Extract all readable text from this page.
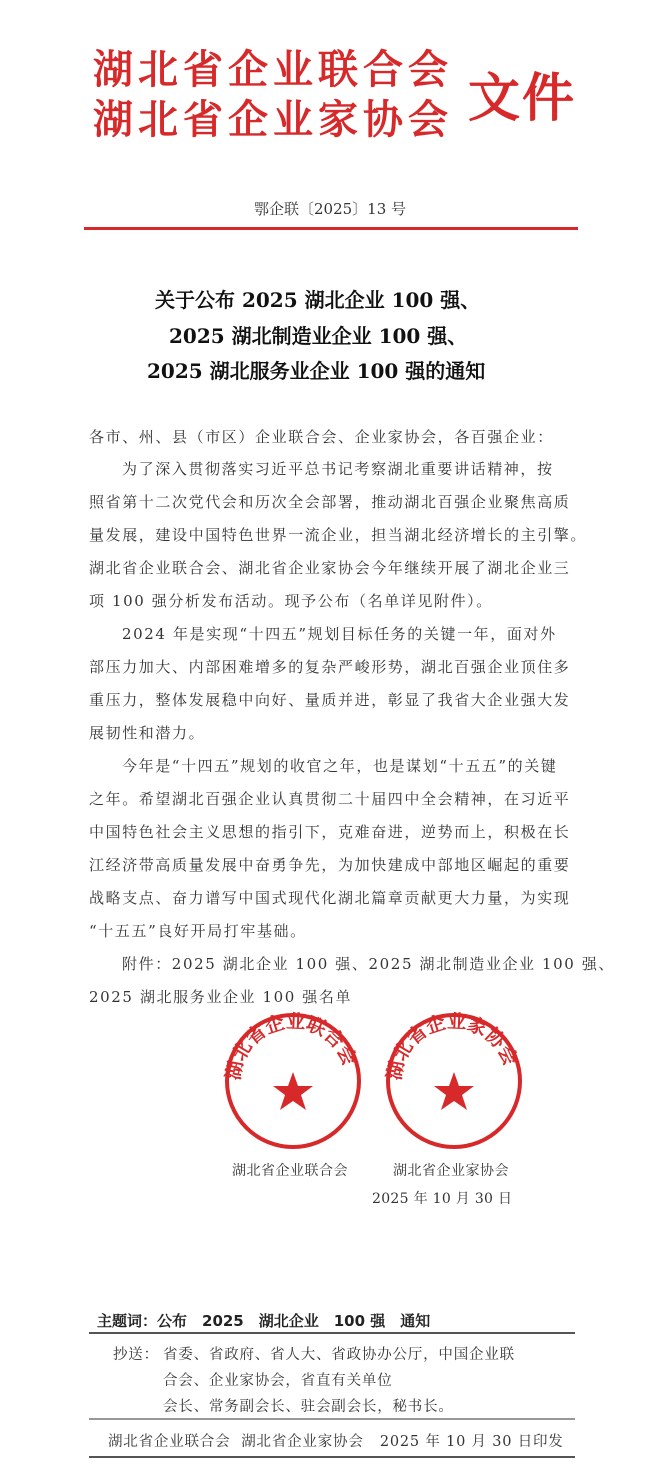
湖北省企业联合会
湖北省企业家协会 文件
鄂企联〔2025〕13 号
关于公布 2025 湖北企业 100 强、
2025 湖北制造业企业 100 强、
2025 湖北服务业企业 100 强的通知
各市、州、县（市区）企业联合会、企业家协会，各百强企业：
为了深入贯彻落实习近平总书记考察湖北重要讲话精神，按
照省第十二次党代会和历次全会部署，推动湖北百强企业聚焦高质
量发展，建设中国特色世界一流企业，担当湖北经济增长的主引擎。
湖北省企业联合会、湖北省企业家协会今年继续开展了湖北企业三
项 100 强分析发布活动。现予公布（名单详见附件）。
2024 年是实现“十四五”规划目标任务的关键一年，面对外
部压力加大、内部困难增多的复杂严峻形势，湖北百强企业顶住多
重压力，整体发展稳中向好、量质并进，彰显了我省大企业强大发
展韧性和潜力。
今年是“十四五”规划的收官之年，也是谋划“十五五”的关键
之年。希望湖北百强企业认真贯彻二十届四中全会精神，在习近平
中国特色社会主义思想的指引下，克难奋进，逆势而上，积极在长
江经济带高质量发展中奋勇争先，为加快建成中部地区崛起的重要
战略支点、奋力谱写中国式现代化湖北篇章贡献更大力量，为实现
“十五五”良好开局打牢基础。
附件：2025 湖北企业 100 强、2025 湖北制造业企业 100 强、
2025 湖北服务业企业 100 强名单
湖北省企业联合会
湖北省企业家协会
湖北省企业联合会	湖北省企业家协会
2025 年 10 月 30 日
主题词：公布　2025　湖北企业　100 强　通知
抄送： 省委、省政府、省人大、省政协办公厅，中国企业联
合会、企业家协会，省直有关单位
会长、常务副会长、驻会副会长，秘书长。
湖北省企业联合会  湖北省企业家协会   2025 年 10 月 30 日印发
